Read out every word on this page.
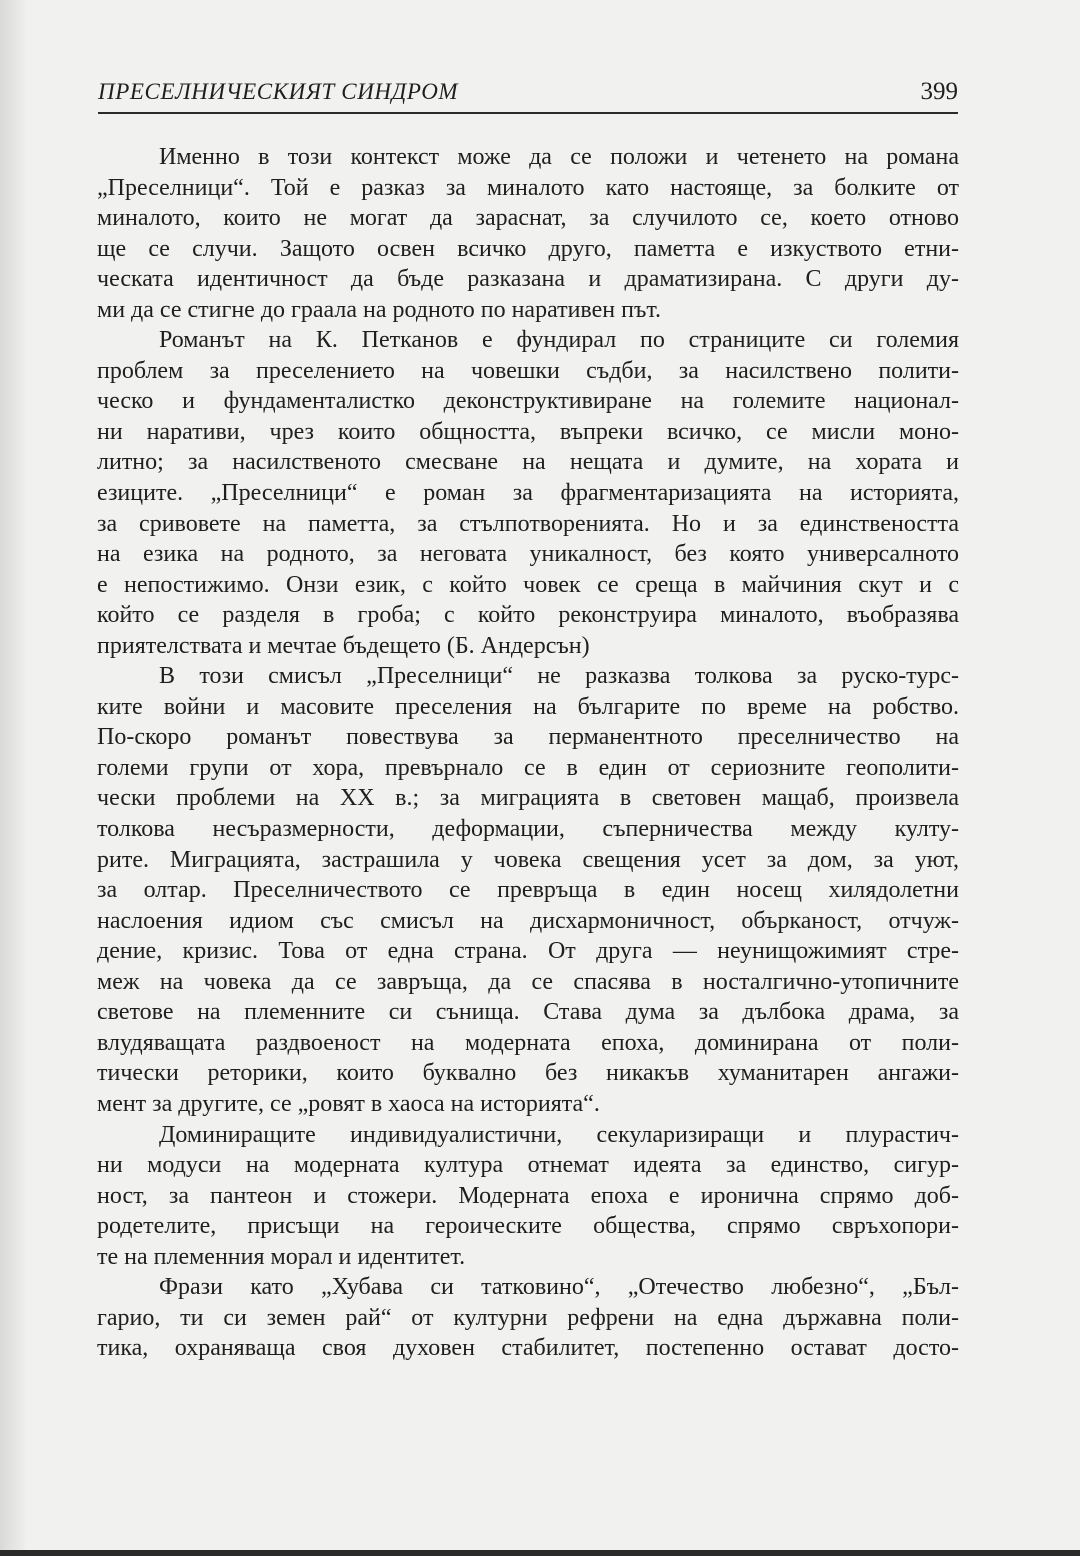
ПРЕСЕЛНИЧЕСКИЯТ СИНДРОМ	399
Именно в този контекст може да се положи и четенето на романа
„Преселници“. Той е разказ за миналото като настояще, за болките от
миналото, които не могат да зараснат, за случилото се, което отново
ще се случи. Защото освен всичко друго, паметта е изкуството етни-
ческата идентичност да бъде разказана и драматизирана. С други ду-
ми да се стигне до граала на родното по наративен път.
Романът на К. Петканов е фундирал по страниците си големия
проблем за преселението на човешки съдби, за насилствено полити-
ческо и фундаменталистко деконструктивиране на големите национал-
ни наративи, чрез които общността, въпреки всичко, се мисли моно-
литно; за насилственото смесване на нещата и думите, на хората и
езиците. „Преселници“ е роман за фрагментаризацията на историята,
за сривовете на паметта, за стълпотворенията. Но и за единствеността
на езика на родното, за неговата уникалност, без която универсалното
е непостижимо. Онзи език, с който човек се среща в майчиния скут и с
който се разделя в гроба; с който реконструира миналото, въобразява
приятелствата и мечтае бъдещето (Б. Андерсън)
В този смисъл „Преселници“ не разказва толкова за руско-турс-
ките войни и масовите преселения на българите по време на робство.
По-скоро романът повествува за перманентното преселничество на
големи групи от хора, превърнало се в един от сериозните геополити-
чески проблеми на XX в.; за миграцията в световен мащаб, произвела
толкова несъразмерности, деформации, съперничества между култу-
рите. Миграцията, застрашила у човека свещения усет за дом, за уют,
за олтар. Преселничеството се превръща в един носещ хилядолетни
наслоения идиом със смисъл на дисхармоничност, обърканост, отчуж-
дение, кризис. Това от една страна. От друга — неунищожимият стре-
меж на човека да се завръща, да се спасява в носталгично-утопичните
светове на племенните си сънища. Става дума за дълбока драма, за
влудяващата раздвоеност на модерната епоха, доминирана от поли-
тически реторики, които буквално без никакъв хуманитарен ангажи-
мент за другите, се „ровят в хаоса на историята“.
Доминиращите индивидуалистични, секуларизиращи и плурастич-
ни модуси на модерната култура отнемат идеята за единство, сигур-
ност, за пантеон и стожери. Модерната епоха е иронична спрямо доб-
родетелите, присъщи на героическите общества, спрямо свръхопори-
те на племенния морал и идентитет.
Фрази като „Хубава си татковино“, „Отечество любезно“, „Бъл-
гарио, ти си земен рай“ от културни рефрени на една държавна поли-
тика, охраняваща своя духовен стабилитет, постепенно остават досто-
